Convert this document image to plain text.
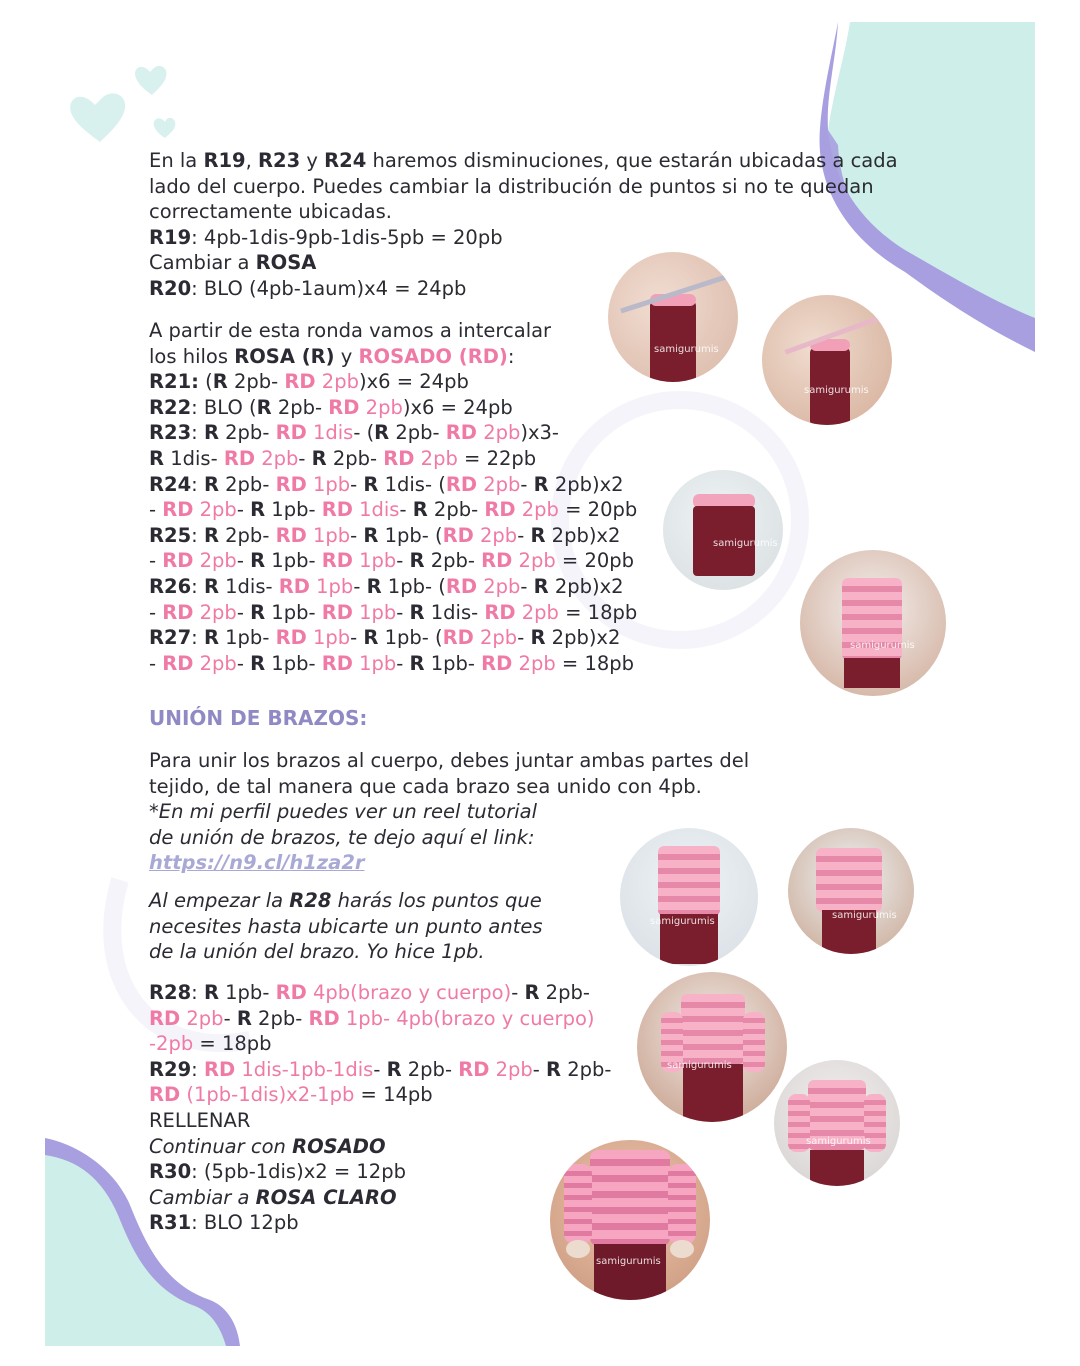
En la R19, R23 y R24 haremos disminuciones, que estarán ubicadas a cada
lado del cuerpo. Puedes cambiar la distribución de puntos si no te quedan
correctamente ubicadas.
R19: 4pb-1dis-9pb-1dis-5pb = 20pb
Cambiar a ROSA
R20: BLO (4pb-1aum)x4 = 24pb
A partir de esta ronda vamos a intercalar
los hilos ROSA (R) y ROSADO (RD):
R21: (R 2pb- RD 2pb)x6 = 24pb
R22: BLO (R 2pb- RD 2pb)x6 = 24pb
R23: R 2pb- RD 1dis- (R 2pb- RD 2pb)x3-
R 1dis- RD 2pb- R 2pb- RD 2pb = 22pb
R24: R 2pb- RD 1pb- R 1dis- (RD 2pb- R 2pb)x2
- RD 2pb- R 1pb- RD 1dis- R 2pb- RD 2pb = 20pb
R25: R 2pb- RD 1pb- R 1pb- (RD 2pb- R 2pb)x2
- RD 2pb- R 1pb- RD 1pb- R 2pb- RD 2pb = 20pb
R26: R 1dis- RD 1pb- R 1pb- (RD 2pb- R 2pb)x2
- RD 2pb- R 1pb- RD 1pb- R 1dis- RD 2pb = 18pb
R27: R 1pb- RD 1pb- R 1pb- (RD 2pb- R 2pb)x2
- RD 2pb- R 1pb- RD 1pb- R 1pb- RD 2pb = 18pb
UNIÓN DE BRAZOS:
Para unir los brazos al cuerpo, debes juntar ambas partes del
tejido, de tal manera que cada brazo sea unido con 4pb.
*En mi perfil puedes ver un reel tutorial
de unión de brazos, te dejo aquí el link:
https://n9.cl/h1za2r
Al empezar la R28 harás los puntos que
necesites hasta ubicarte un punto antes
de la unión del brazo. Yo hice 1pb.
R28: R 1pb- RD 4pb(brazo y cuerpo)- R 2pb-
RD 2pb- R 2pb- RD 1pb- 4pb(brazo y cuerpo)
-2pb = 18pb
R29: RD 1dis-1pb-1dis- R 2pb- RD 2pb- R 2pb-
RD (1pb-1dis)x2-1pb = 14pb
RELLENAR
Continuar con ROSADO
R30: (5pb-1dis)x2 = 12pb
Cambiar a ROSA CLARO
R31: BLO 12pb
samigurumis
samigurumis
samigurumis
samigurumis
samigurumis
samigurumis
samigurumis
samigurumis
samigurumis
